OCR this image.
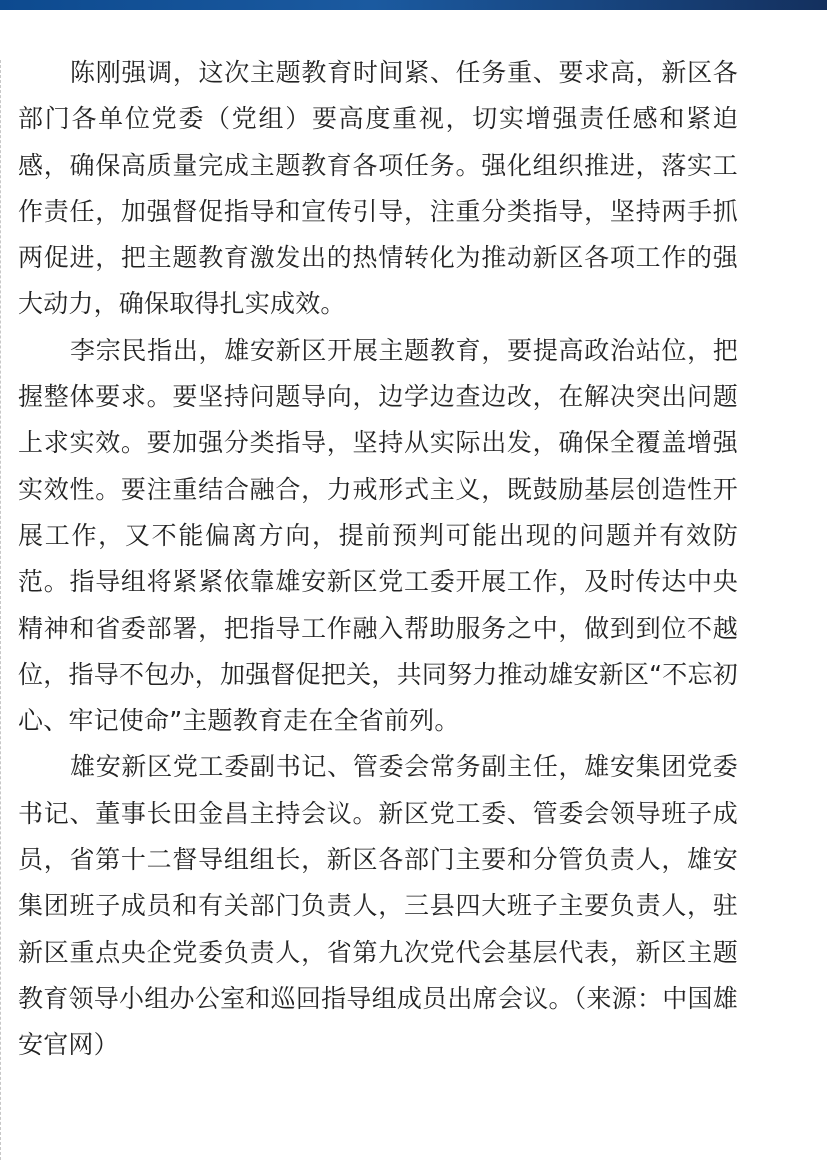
陈刚强调，这次主题教育时间紧、任务重、要求高，新区各部门各单位党委（党组）要高度重视，切实增强责任感和紧迫感，确保高质量完成主题教育各项任务。强化组织推进，落实工作责任，加强督促指导和宣传引导，注重分类指导，坚持两手抓两促进，把主题教育激发出的热情转化为推动新区各项工作的强大动力，确保取得扎实成效。

李宗民指出，雄安新区开展主题教育，要提高政治站位，把握整体要求。要坚持问题导向，边学边查边改，在解决突出问题上求实效。要加强分类指导，坚持从实际出发，确保全覆盖增强实效性。要注重结合融合，力戒形式主义，既鼓励基层创造性开展工作，又不能偏离方向，提前预判可能出现的问题并有效防范。指导组将紧紧依靠雄安新区党工委开展工作，及时传达中央精神和省委部署，把指导工作融入帮助服务之中，做到到位不越位，指导不包办，加强督促把关，共同努力推动雄安新区“不忘初心、牢记使命”主题教育走在全省前列。

雄安新区党工委副书记、管委会常务副主任，雄安集团党委书记、董事长田金昌主持会议。新区党工委、管委会领导班子成员，省第十二督导组组长，新区各部门主要和分管负责人，雄安集团班子成员和有关部门负责人，三县四大班子主要负责人，驻新区重点央企党委负责人，省第九次党代会基层代表，新区主题教育领导小组办公室和巡回指导组成员出席会议。（来源：中国雄安官网）
